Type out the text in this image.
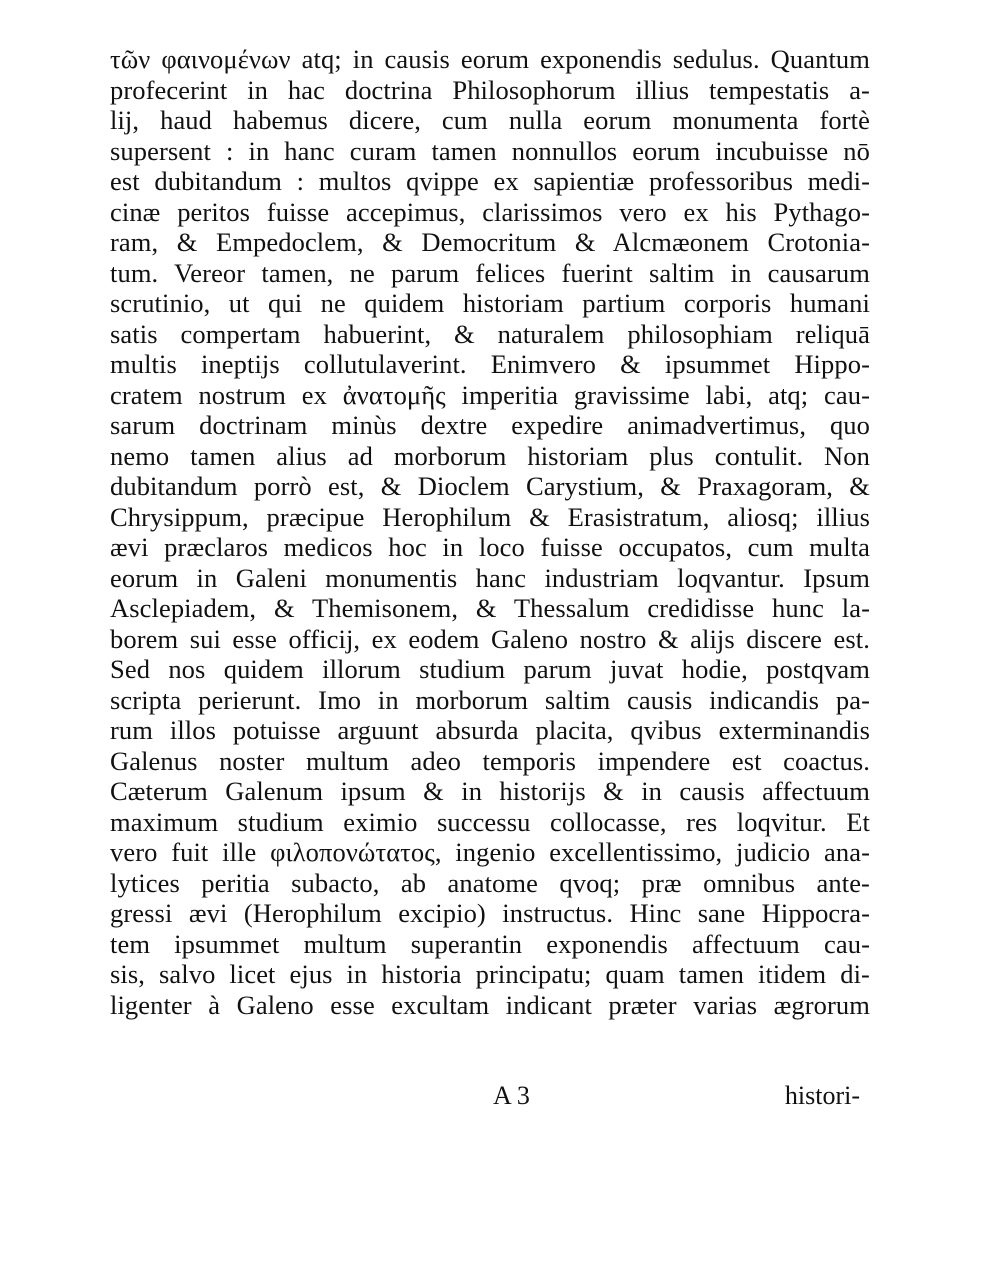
τῶν φαινομένων atq; in causis eorum exponendis sedulus. Quantum
profecerint in hac doctrina Philosophorum illius tempestatis a-
lij, haud habemus dicere, cum nulla eorum monumenta fortè
supersent : in hanc curam tamen nonnullos eorum incubuisse nō
est dubitandum : multos qvippe ex sapientiæ professoribus medi-
cinæ peritos fuisse accepimus, clarissimos vero ex his Pythago-
ram, & Empedoclem, & Democritum & Alcmæonem Crotonia-
tum. Vereor tamen, ne parum felices fuerint saltim in causarum
scrutinio, ut qui ne quidem historiam partium corporis humani
satis compertam habuerint, & naturalem philosophiam reliquā
multis ineptijs collutulaverint. Enimvero & ipsummet Hippo-
cratem nostrum ex ἀνατομῆς imperitia gravissime labi, atq; cau-
sarum doctrinam minùs dextre expedire animadvertimus, quo
nemo tamen alius ad morborum historiam plus contulit. Non
dubitandum porrò est, & Dioclem Carystium, & Praxagoram, &
Chrysippum, præcipue Herophilum & Erasistratum, aliosq; illius
ævi præclaros medicos hoc in loco fuisse occupatos, cum multa
eorum in Galeni monumentis hanc industriam loqvantur. Ipsum
Asclepiadem, & Themisonem, & Thessalum credidisse hunc la-
borem sui esse officij, ex eodem Galeno nostro & alijs discere est.
Sed nos quidem illorum studium parum juvat hodie, postqvam
scripta perierunt. Imo in morborum saltim causis indicandis pa-
rum illos potuisse arguunt absurda placita, qvibus exterminandis
Galenus noster multum adeo temporis impendere est coactus.
Cæterum Galenum ipsum & in historijs & in causis affectuum
maximum studium eximio successu collocasse, res loqvitur. Et
vero fuit ille φιλοπονώτατος, ingenio excellentissimo, judicio ana-
lytices peritia subacto, ab anatome qvoq; præ omnibus ante-
gressi ævi (Herophilum excipio) instructus. Hinc sane Hippocra-
tem ipsummet multum superantin exponendis affectuum cau-
sis, salvo licet ejus in historia principatu; quam tamen itidem di-
ligenter à Galeno esse excultam indicant præter varias ægrorum
A 3	histori-
